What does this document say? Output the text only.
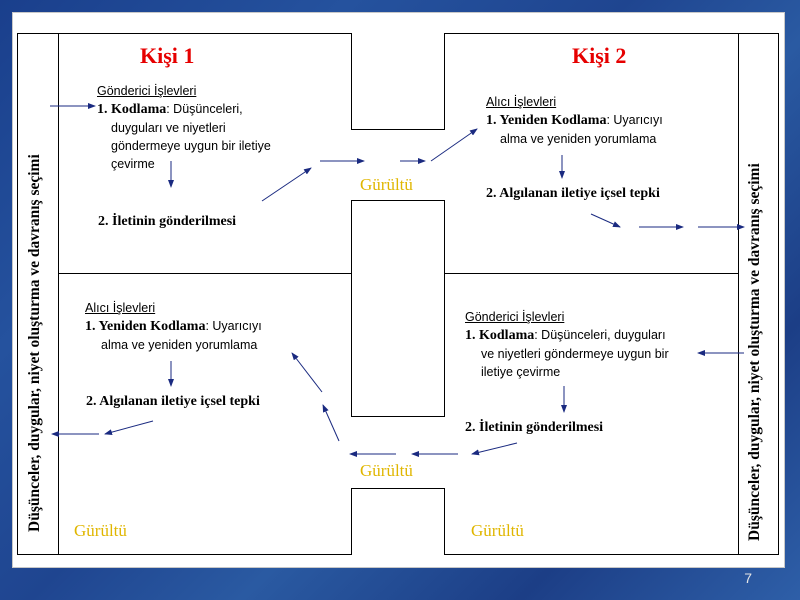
Düşünceler, duygular, niyet oluşturma ve davranış seçimi	Düşünceler, duygular, niyet oluşturma ve davranış seçimi
Kişi 1	Kişi 2
Gönderici İşlevleri
1. Kodlama: Düşünceleri,
duyguları ve niyetleri
göndermeye uygun bir iletiye
çevirme
2. İletinin gönderilmesi
Alıcı İşlevleri
1. Yeniden Kodlama: Uyarıcıyı
alma ve yeniden yorumlama
2. Algılanan iletiye içsel tepki
Alıcı İşlevleri
1. Yeniden Kodlama: Uyarıcıyı
alma ve yeniden yorumlama
2. Algılanan iletiye içsel tepki
Gönderici İşlevleri
1. Kodlama: Düşünceleri, duyguları
ve niyetleri göndermeye uygun bir
iletiye çevirme
2. İletinin gönderilmesi
Gürültü
Gürültü
Gürültü	Gürültü
7
